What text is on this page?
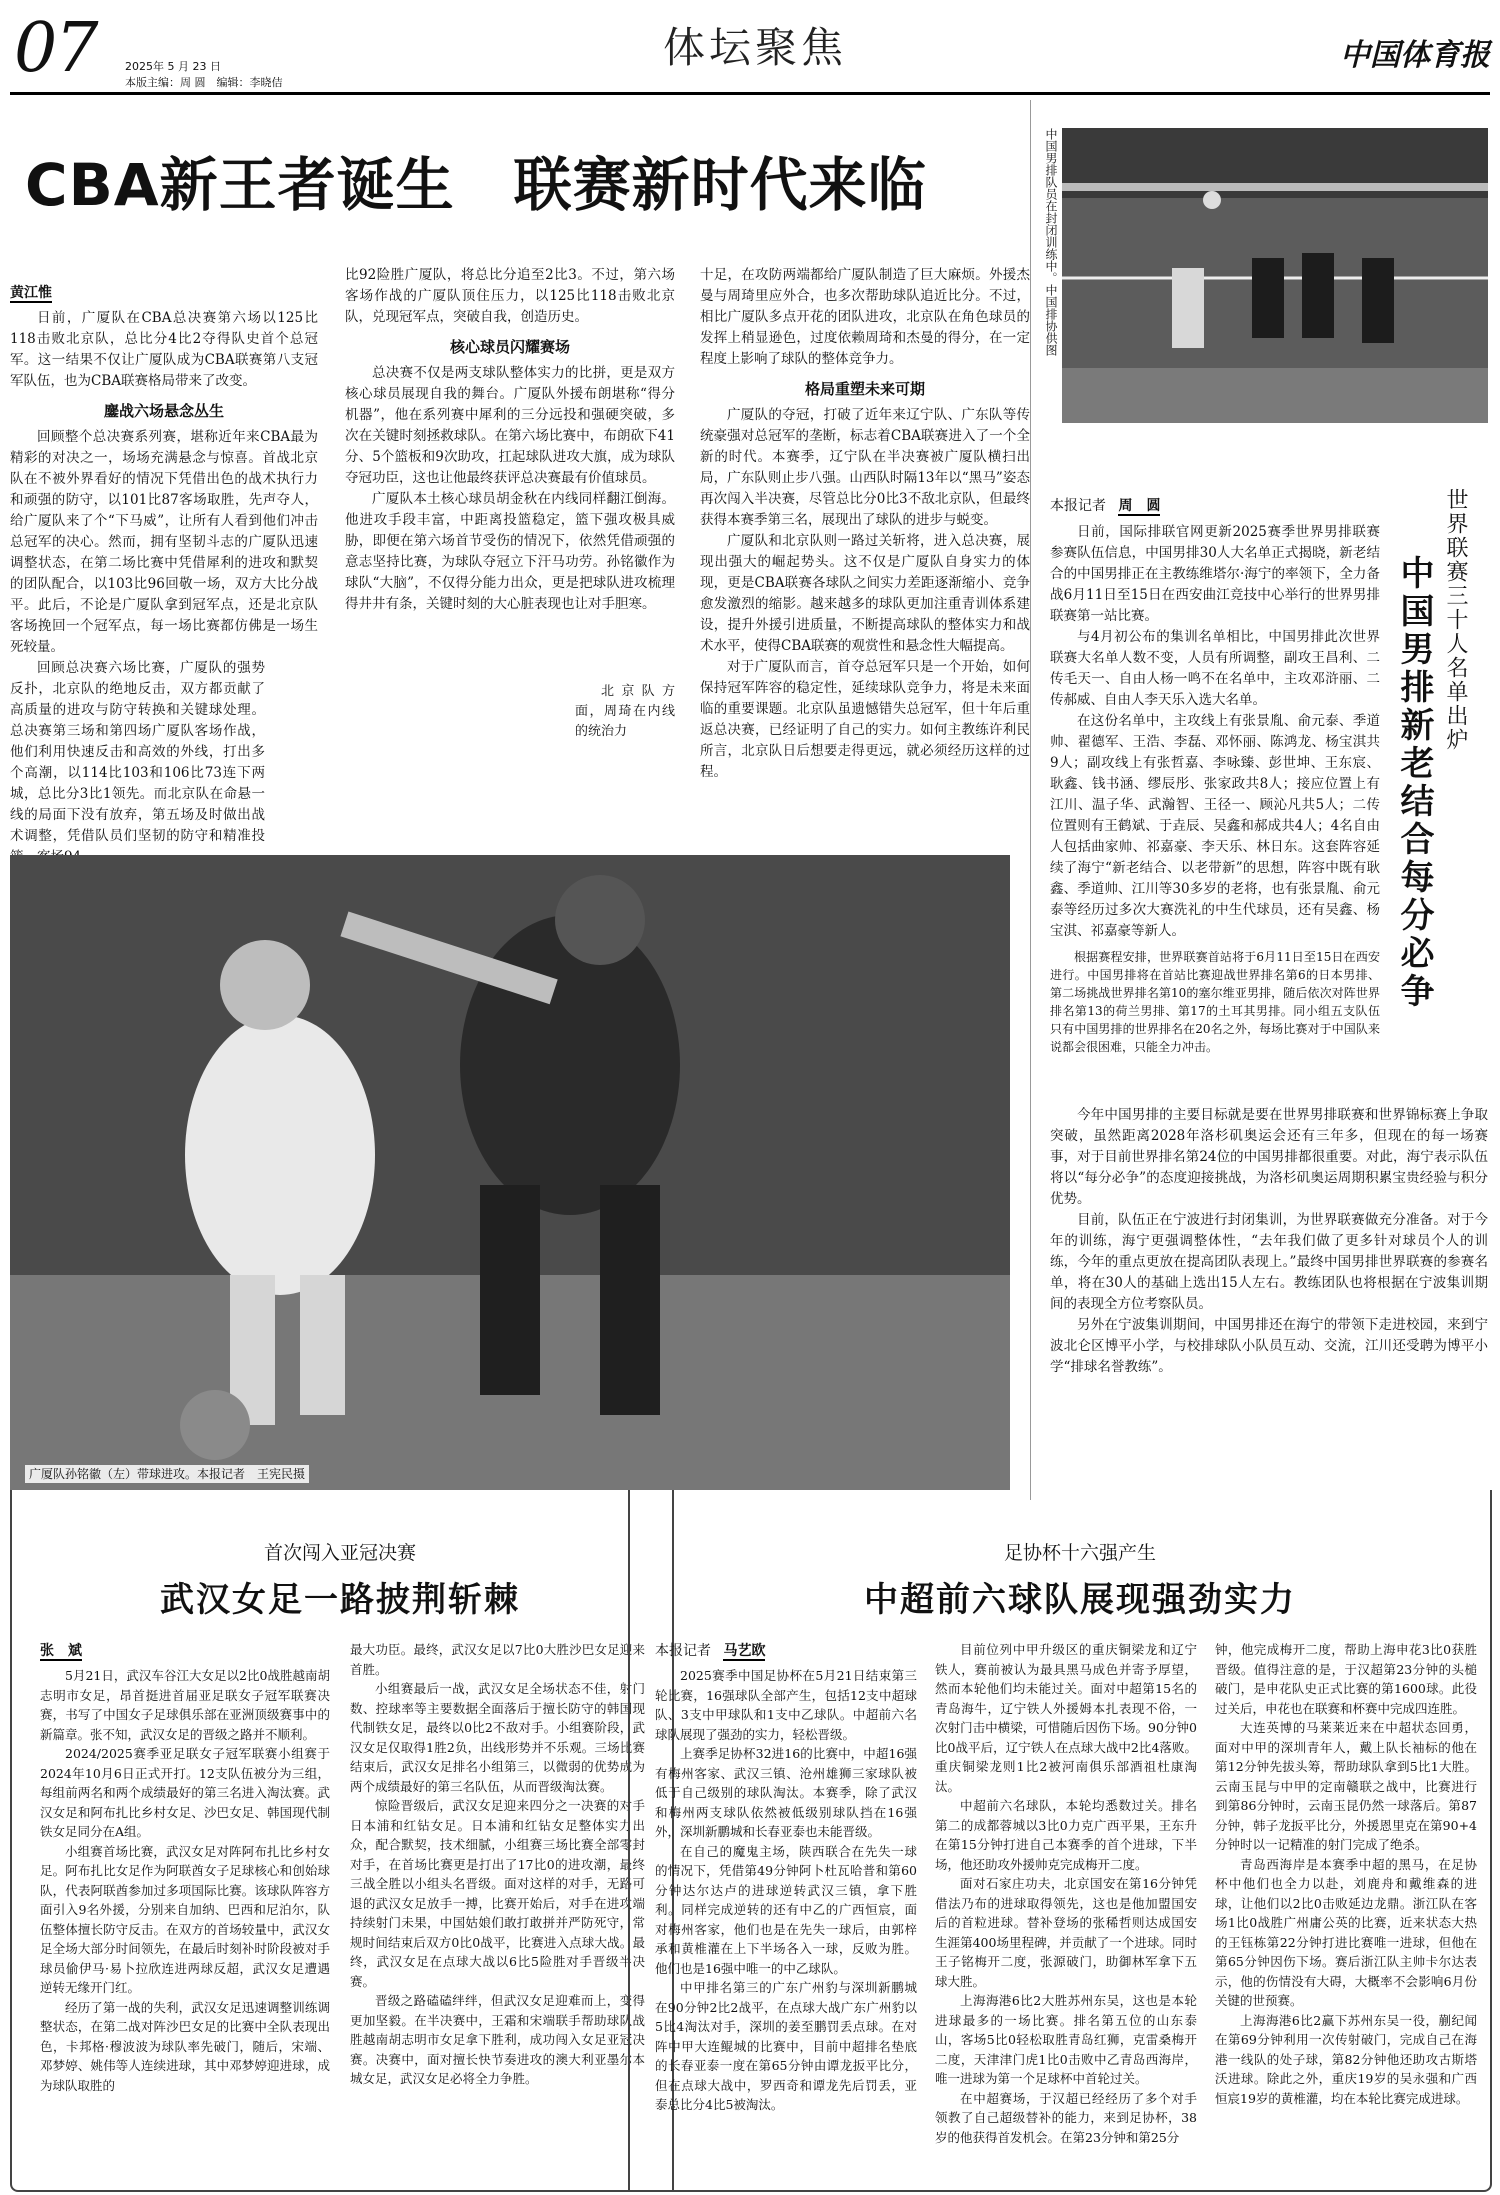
07	2025年 5 月 23 日
本版主编：周 圆　编辑：李晓佶
体坛聚焦	中国体育报
CBA新王者诞生　联赛新时代来临

黄江惟

日前，广厦队在CBA总决赛第六场以125比118击败北京队，总比分4比2夺得队史首个总冠军。这一结果不仅让广厦队成为CBA联赛第八支冠军队伍，也为CBA联赛格局带来了改变。

鏖战六场悬念丛生

回顾整个总决赛系列赛，堪称近年来CBA最为精彩的对决之一，场场充满悬念与惊喜。首战北京队在不被外界看好的情况下凭借出色的战术执行力和顽强的防守，以101比87客场取胜，先声夺人，给广厦队来了个“下马威”，让所有人看到他们冲击总冠军的决心。然而，拥有坚韧斗志的广厦队迅速调整状态，在第二场比赛中凭借犀利的进攻和默契的团队配合，以103比96回敬一场，双方大比分战平。此后，不论是广厦队拿到冠军点，还是北京队客场挽回一个冠军点，每一场比赛都仿佛是一场生死较量。

回顾总决赛六场比赛，广厦队的强势反扑，北京队的绝地反击，双方都贡献了高质量的进攻与防守转换和关键球处理。总决赛第三场和第四场广厦队客场作战，他们利用快速反击和高效的外线，打出多个高潮，以114比103和106比73连下两城，总比分3比1领先。而北京队在命悬一线的局面下没有放弃，第五场及时做出战术调整，凭借队员们坚韧的防守和精准投

比92险胜广厦队，将总比分追至2比3。不过，第六场客场作战的广厦队顶住压力，以125比118击败北京队，兑现冠军点，突破自我，创造历史。

核心球员闪耀赛场

总决赛不仅是两支球队整体实力的比拼，更是双方核心球员展现自我的舞台。广厦队外援布朗堪称“得分机器”，他在系列赛中犀利的三分远投和强硬突破，多次在关键时刻拯救球队。在第六场比赛中，布朗砍下41分、5个篮板和9次助攻，扛起球队进攻大旗，成为球队夺冠功臣，这也让他最终获评总决赛最有价值球员。

广厦队本土核心球员胡金秋在内线同样翻江倒海。他进攻手段丰富，中距离投篮稳定，篮下强攻极具威胁，即便在第六场首节受伤的情况下，依然凭借顽强的意志坚持比赛，为球队夺冠立下汗马功劳。孙铭徽作为球队“大脑”，不仅得分能力出众，更是把球队进攻梳理得井井有条，关键时刻的大心脏表现也让对手胆寒。

北京队方面，周琦在内线的统治力

十足，在攻防两端都给广厦队制造了巨大麻烦。外援杰曼与周琦里应外合，也多次帮助球队追近比分。不过，相比广厦队多点开花的团队进攻，北京队在角色球员的发挥上稍显逊色，过度依赖周琦和杰曼的得分，在一定程度上影响了球队的整体竞争力。

格局重塑未来可期

广厦队的夺冠，打破了近年来辽宁队、广东队等传统豪强对总冠军的垄断，标志着CBA联赛进入了一个全新的时代。本赛季，辽宁队在半决赛被广厦队横扫出局，广东队则止步八强。山西队时隔13年以“黑马”姿态再次闯入半决赛，尽管总比分0比3不敌北京队，但最终获得本赛季第三名，展现出了球队的进步与蜕变。

广厦队和北京队则一路过关斩将，进入总决赛，展现出强大的崛起势头。这不仅是广厦队自身实力的体现，更是CBA联赛各球队之间实力差距逐渐缩小、竞争愈发激烈的缩影。越来越多的球队更加注重青训体系建设，提升外援引进质量，不断提高球队的整体实力和战术水平，使得CBA联赛的观赏性和悬念性大幅提高。

对于广厦队而言，首夺总冠军只是一个开始，如何保持冠军阵容的稳定性，延续球队竞争力，将是未来面临的重要课题。北京队虽遗憾错失总冠军，但十年后重返总决赛，已经证明了自己的实力。如何主教练许利民所言，北京队日后想要走得更远，就必须经历这样的过程。

广厦队孙铭徽（左）带球进攻。本报记者　王宪民摄
中国男排队员在封闭训练中。中国排协供图
本报记者 周　圆

日前，国际排联官网更新2025赛季世界男排联赛参赛队伍信息，中国男排30人大名单正式揭晓，新老结合的中国男排正在主教练维塔尔·海宁的率领下，全力备战6月11日至15日在西安曲江竞技中心举行的世界男排联赛第一站比赛。

与4月初公布的集训名单相比，中国男排此次世界联赛大名单人数不变，人员有所调整，副攻王昌利、二传毛天一、自由人杨一鸣不在名单中，主攻邓浒丽、二传郝威、自由人李天乐入选大名单。

在这份名单中，主攻线上有张景胤、俞元泰、季道帅、翟德军、王浩、李磊、邓怀丽、陈鸿龙、杨宝淇共9人；副攻线上有张哲嘉、李咏臻、彭世坤、王东宸、耿鑫、钱书涵、缪辰彤、张家政共8人；接应位置上有江川、温子华、武瀚智、王径一、顾沁凡共5人；二传位置则有王鹤斌、于垚辰、吴鑫和郝成共4人；4名自由人包括曲家帅、祁嘉豪、李天乐、林日东。这套阵容延续了海宁“新老结合、以老带新”的思想，阵容中既有耿鑫、季道帅、江川等30多岁的老将，也有张景胤、俞元泰等经历过多次大赛洗礼的中生代球员，还有吴鑫、杨宝淇、祁嘉豪等新人。

今年中国男排的主要目标就是要在世界男排联赛和世界锦标赛上争取突破，虽然距离2028年洛杉矶奥运会还有三年多，但现在的每一场赛事，对于目前世界排名第24位的中国男排都很重要。对此，海宁表示队伍将以“每分必争”的态度迎接挑战，为洛杉矶奥运周期积累宝贵经验与积分优势。

目前，队伍正在宁波进行封闭集训，为世界联赛做充分准备。对于今年的训练，海宁更强调整体性，“去年我们做了更多针对球员个人的训练，今年的重点更放在提高团队表现上。”最终中国男排世界联赛的参赛名单，将在30人的基础上选出15人左右。教练团队也将根据在宁波集训期间的表现全方位考察队员。

另外在宁波集训期间，中国男排还在海宁的带领下走进校园，来到宁波北仑区博平小学，与校排球队小队员互动、交流，江川还受聘为博平小学“排球名誉教练”。

根据赛程安排，世界联赛首站将于6月11日至15日在西安进行。中国男排将在首站比赛迎战世界排名第6的日本男排、第二场挑战世界排名第10的塞尔维亚男排，随后依次对阵世界排名第13的荷兰男排、第17的土耳其男排。同小组五支队伍只有中国男排的世界排名在20名之外，每场比赛对于中国队来说都会很困难，只能全力冲击。

世界联赛三十人名单出炉
中国男排新老结合每分必争
首次闯入亚冠决赛
武汉女足一路披荆斩棘

张　斌

5月21日，武汉车谷江大女足以2比0战胜越南胡志明市女足，昂首挺进首届亚足联女子冠军联赛决赛，书写了中国女子足球俱乐部在亚洲顶级赛事中的新篇章。张不知，武汉女足的晋级之路并不顺利。

2024/2025赛季亚足联女子冠军联赛小组赛于2024年10月6日正式开打。12支队伍被分为三组，每组前两名和两个成绩最好的第三名进入淘汰赛。武汉女足和阿布扎比乡村女足、沙巴女足、韩国现代制铁女足同分在A组。

小组赛首场比赛，武汉女足对阵阿布扎比乡村女足。阿布扎比女足作为阿联酋女子足球核心和创始球队，代表阿联酋参加过多项国际比赛。该球队阵容方面引入9名外援，分别来自加纳、巴西和尼泊尔，队伍整体擅长防守反击。在双方的首场较量中，武汉女足全场大部分时间领先，在最后时刻补时阶段被对手球员偷伊马·易卜拉欣连进两球反超，武汉女足遭遇逆转无缘开门红。

经历了第一战的失利，武汉女足迅速调整训练调整状态，在第二战对阵沙巴女足的比赛中全队表现出色，卡邦格·穆波波为球队率先破门，随后，宋端、邓梦婷、姚伟等人连续进球，其中邓梦婷迎进球，成为球队取胜的

最大功臣。最终，武汉女足以7比0大胜沙巴女足迎来首胜。

小组赛最后一战，武汉女足全场状态不佳，射门数、控球率等主要数据全面落后于擅长防守的韩国现代制铁女足，最终以0比2不敌对手。小组赛阶段，武汉女足仅取得1胜2负，出线形势并不乐观。三场比赛结束后，武汉女足排名小组第三，以微弱的优势成为两个成绩最好的第三名队伍，从而晋级淘汰赛。

惊险晋级后，武汉女足迎来四分之一决赛的对手日本浦和红钻女足。日本浦和红钻女足整体实力出众，配合默契，技术细腻，小组赛三场比赛全部零封对手，在首场比赛更是打出了17比0的进攻潮，最终三战全胜以小组头名晋级。面对这样的对手，无路可退的武汉女足放手一搏，比赛开始后，对手在进攻端持续射门未果，中国姑娘们敢打敢拼并严防死守，常规时间结束后双方0比0战平，比赛进入点球大战。最终，武汉女足在点球大战以6比5险胜对手晋级半决赛。

晋级之路磕磕绊绊，但武汉女足迎难而上，变得更加坚毅。在半决赛中，王霜和宋端联手帮助球队战胜越南胡志明市女足拿下胜利，成功闯入女足亚冠决赛。决赛中，面对擅长快节奏进攻的澳大利亚墨尔本城女足，武汉女足必将全力争胜。

足协杯十六强产生
中超前六球队展现强劲实力
本报记者 马艺欧

2025赛季中国足协杯在5月21日结束第三轮比赛，16强球队全部产生，包括12支中超球队、3支中甲球队和1支中乙球队。中超前六名球队展现了强劲的实力，轻松晋级。

上赛季足协杯32进16的比赛中，中超16强有梅州客家、武汉三镇、沧州雄狮三家球队被低于自己级别的球队淘汰。本赛季，除了武汉和梅州两支球队依然被低级别球队挡在16强外，深圳新鹏城和长春亚泰也未能晋级。

在自己的魔鬼主场，陕西联合在先失一球的情况下，凭借第49分钟阿卜杜瓦哈普和第60分钟达尔达卢的进球逆转武汉三镇，拿下胜利。同样完成逆转的还有中乙的广西恒宸，面对梅州客家，他们也是在先失一球后，由郭梓承和黄椎灌在上下半场各入一球，反败为胜。他们也是16强中唯一的中乙球队。

中甲排名第三的广东广州豹与深圳新鹏城在90分钟2比2战平，在点球大战广东广州豹以5比4淘汰对手，深圳的姜至鹏罚丢点球。在对阵中甲大连鲲城的比赛中，目前中超排名垫底的长春亚泰一度在第65分钟由谭龙扳平比分，但在点球大战中，罗西奇和谭龙先后罚丢，亚泰总比分4比5被淘汰。

目前位列中甲升级区的重庆铜梁龙和辽宁铁人，赛前被认为最具黑马成色并寄予厚望，然而本轮他们均未能过关。面对中超第15名的青岛海牛，辽宁铁人外援姆本扎表现不俗，一次射门击中横梁，可惜随后因伤下场。90分钟0比0战平后，辽宁铁人在点球大战中2比4落败。重庆铜梁龙则1比2被河南俱乐部酒祖杜康淘汰。

中超前六名球队，本轮均悉数过关。排名第二的成都蓉城以3比0力克广西平果，王东升在第15分钟打进自己本赛季的首个进球，下半场，他还助攻外援帅克完成梅开二度。

面对石家庄功夫，北京国安在第16分钟凭借法乃布的进球取得领先，这也是他加盟国安后的首粒进球。替补登场的张稀哲则达成国安生涯第400场里程碑，并贡献了一个进球。同时王子铭梅开二度，张源破门，助御林军拿下五球大胜。

上海海港6比2大胜苏州东吴，这也是本轮进球最多的一场比赛。排名第五位的山东泰山，客场5比0轻松取胜青岛红狮，克雷桑梅开二度，天津津门虎1比0击败中乙青岛西海岸，唯一进球为第一个足球杯中首轮过关。

在中超赛场，于汉超已经经历了多个对手领教了自己超级替补的能力，来到足协杯，38岁的他获得首发机会。在第23分钟和第25分

钟，他完成梅开二度，帮助上海申花3比0获胜晋级。值得注意的是，于汉超第23分钟的头槌破门，是申花队史正式比赛的第1600球。此役过关后，申花也在联赛和杯赛中完成四连胜。

大连英博的马莱莱近来在中超状态回勇，面对中甲的深圳青年人，戴上队长袖标的他在第12分钟先拔头筹，帮助球队拿到5比1大胜。云南玉昆与中甲的定南赣联之战中，比赛进行到第86分钟时，云南玉昆仍然一球落后。第87分钟，韩子龙扳平比分，外援恩里克在第90+4分钟时以一记精准的射门完成了绝杀。

青岛西海岸是本赛季中超的黑马，在足协杯中他们也全力以赴，刘鹿舟和戴维森的进球，让他们以2比0击败延边龙鼎。浙江队在客场1比0战胜广州庸公英的比赛，近来状态大热的王钰栋第22分钟打进比赛唯一进球，但他在第65分钟因伤下场。赛后浙江队主帅卡尔达表示，他的伤情没有大碍，大概率不会影响6月份关键的世预赛。

上海海港6比2赢下苏州东吴一役，蒯纪闻在第69分钟利用一次传射破门，完成自己在海港一线队的处子球，第82分钟他还助攻古斯塔沃进球。除此之外，重庆19岁的吴永强和广西恒宸19岁的黄椎灌，均在本轮比赛完成进球。
